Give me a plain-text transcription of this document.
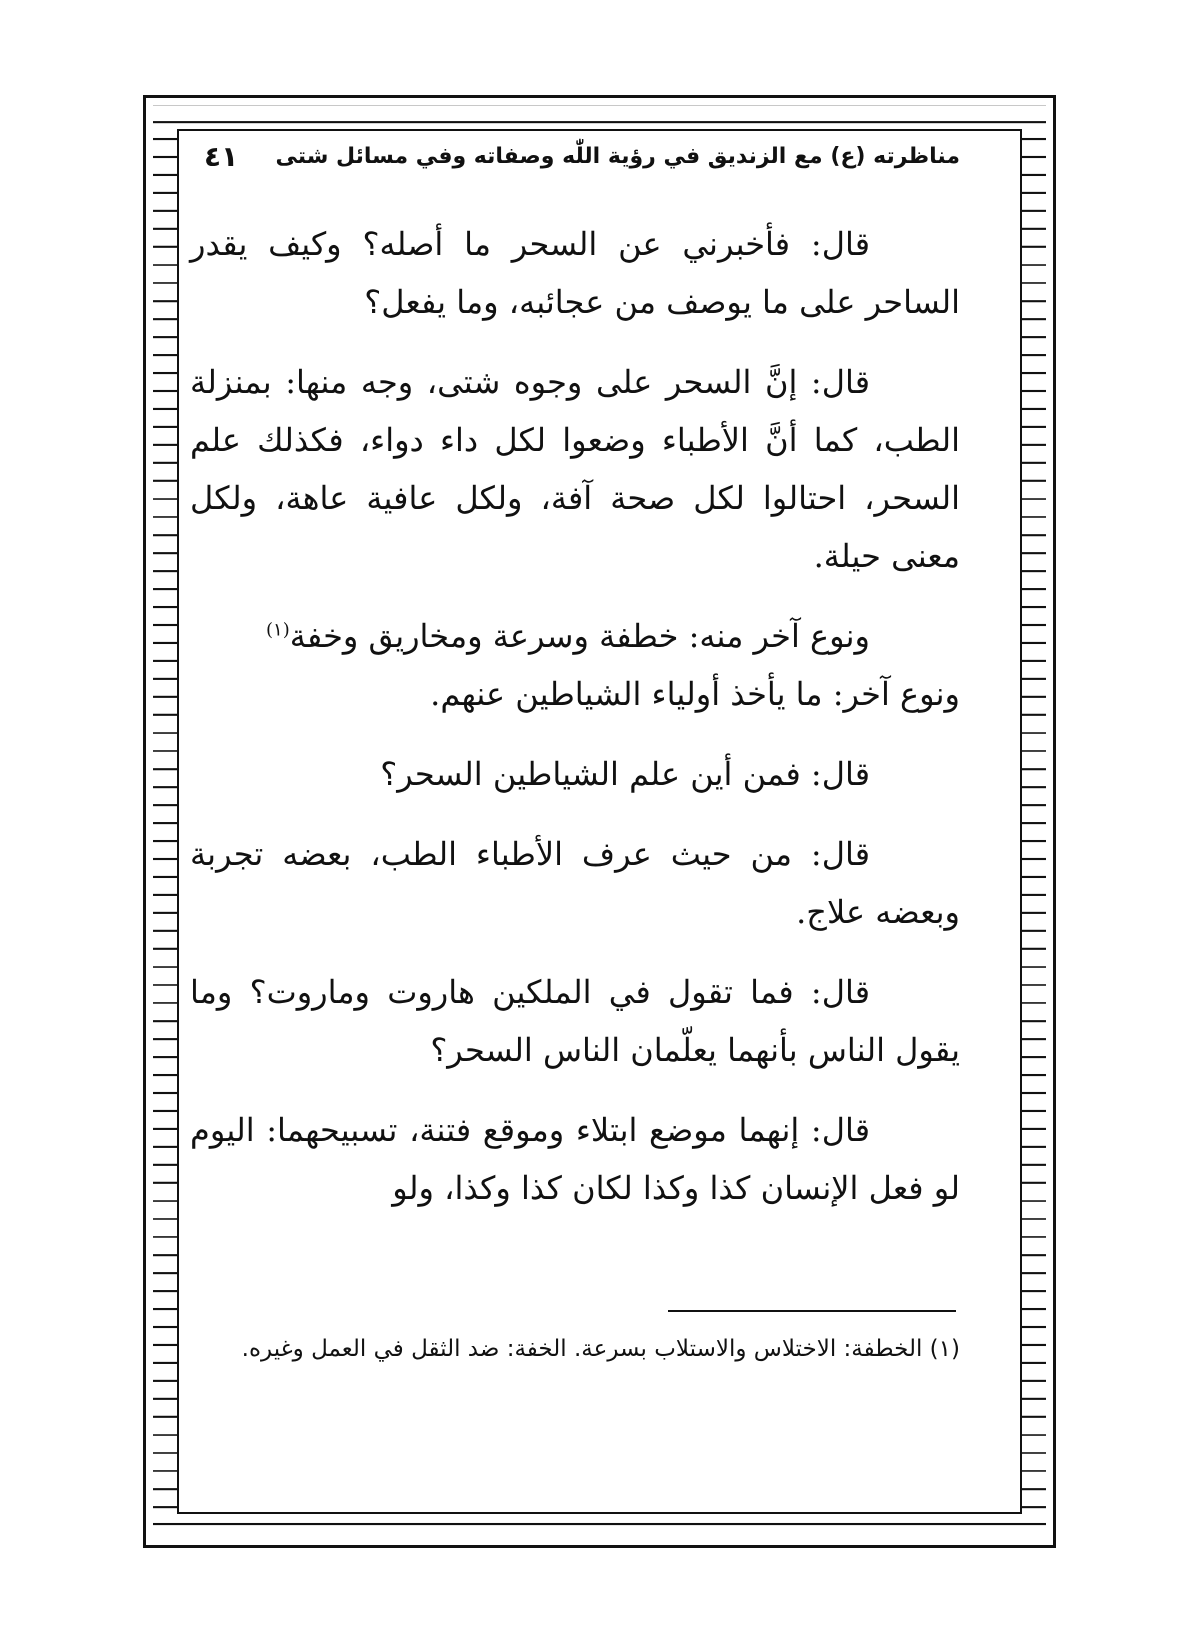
مناظرته (ع) مع الزنديق في رؤية اللّٰه وصفاته وفي مسائل شتى
٤١

قال: فأخبرني عن السحر ما أصله؟ وكيف يقدر الساحر على ما يوصف من عجائبه، وما يفعل؟

قال: إنَّ السحر على وجوه شتى، وجه منها: بمنزلة الطب، كما أنَّ الأطباء وضعوا لكل داء دواء، فكذلك علم السحر، احتالوا لكل صحة آفة، ولكل عافية عاهة، ولكل معنى حيلة.

ونوع آخر منه: خطفة وسرعة ومخاريق وخفة$^{(١)}$

ونوع آخر: ما يأخذ أولياء الشياطين عنهم.

قال: فمن أين علم الشياطين السحر؟

قال: من حيث عرف الأطباء الطب، بعضه تجربة وبعضه علاج.

قال: فما تقول في الملكين هاروت وماروت؟ وما يقول الناس بأنهما يعلّمان الناس السحر؟

قال: إنهما موضع ابتلاء وموقع فتنة، تسبيحهما: اليوم لو فعل الإنسان كذا وكذا لكان كذا وكذا، ولو

(١) الخطفة: الاختلاس والاستلاب بسرعة. الخفة: ضد الثقل في العمل وغيره.
